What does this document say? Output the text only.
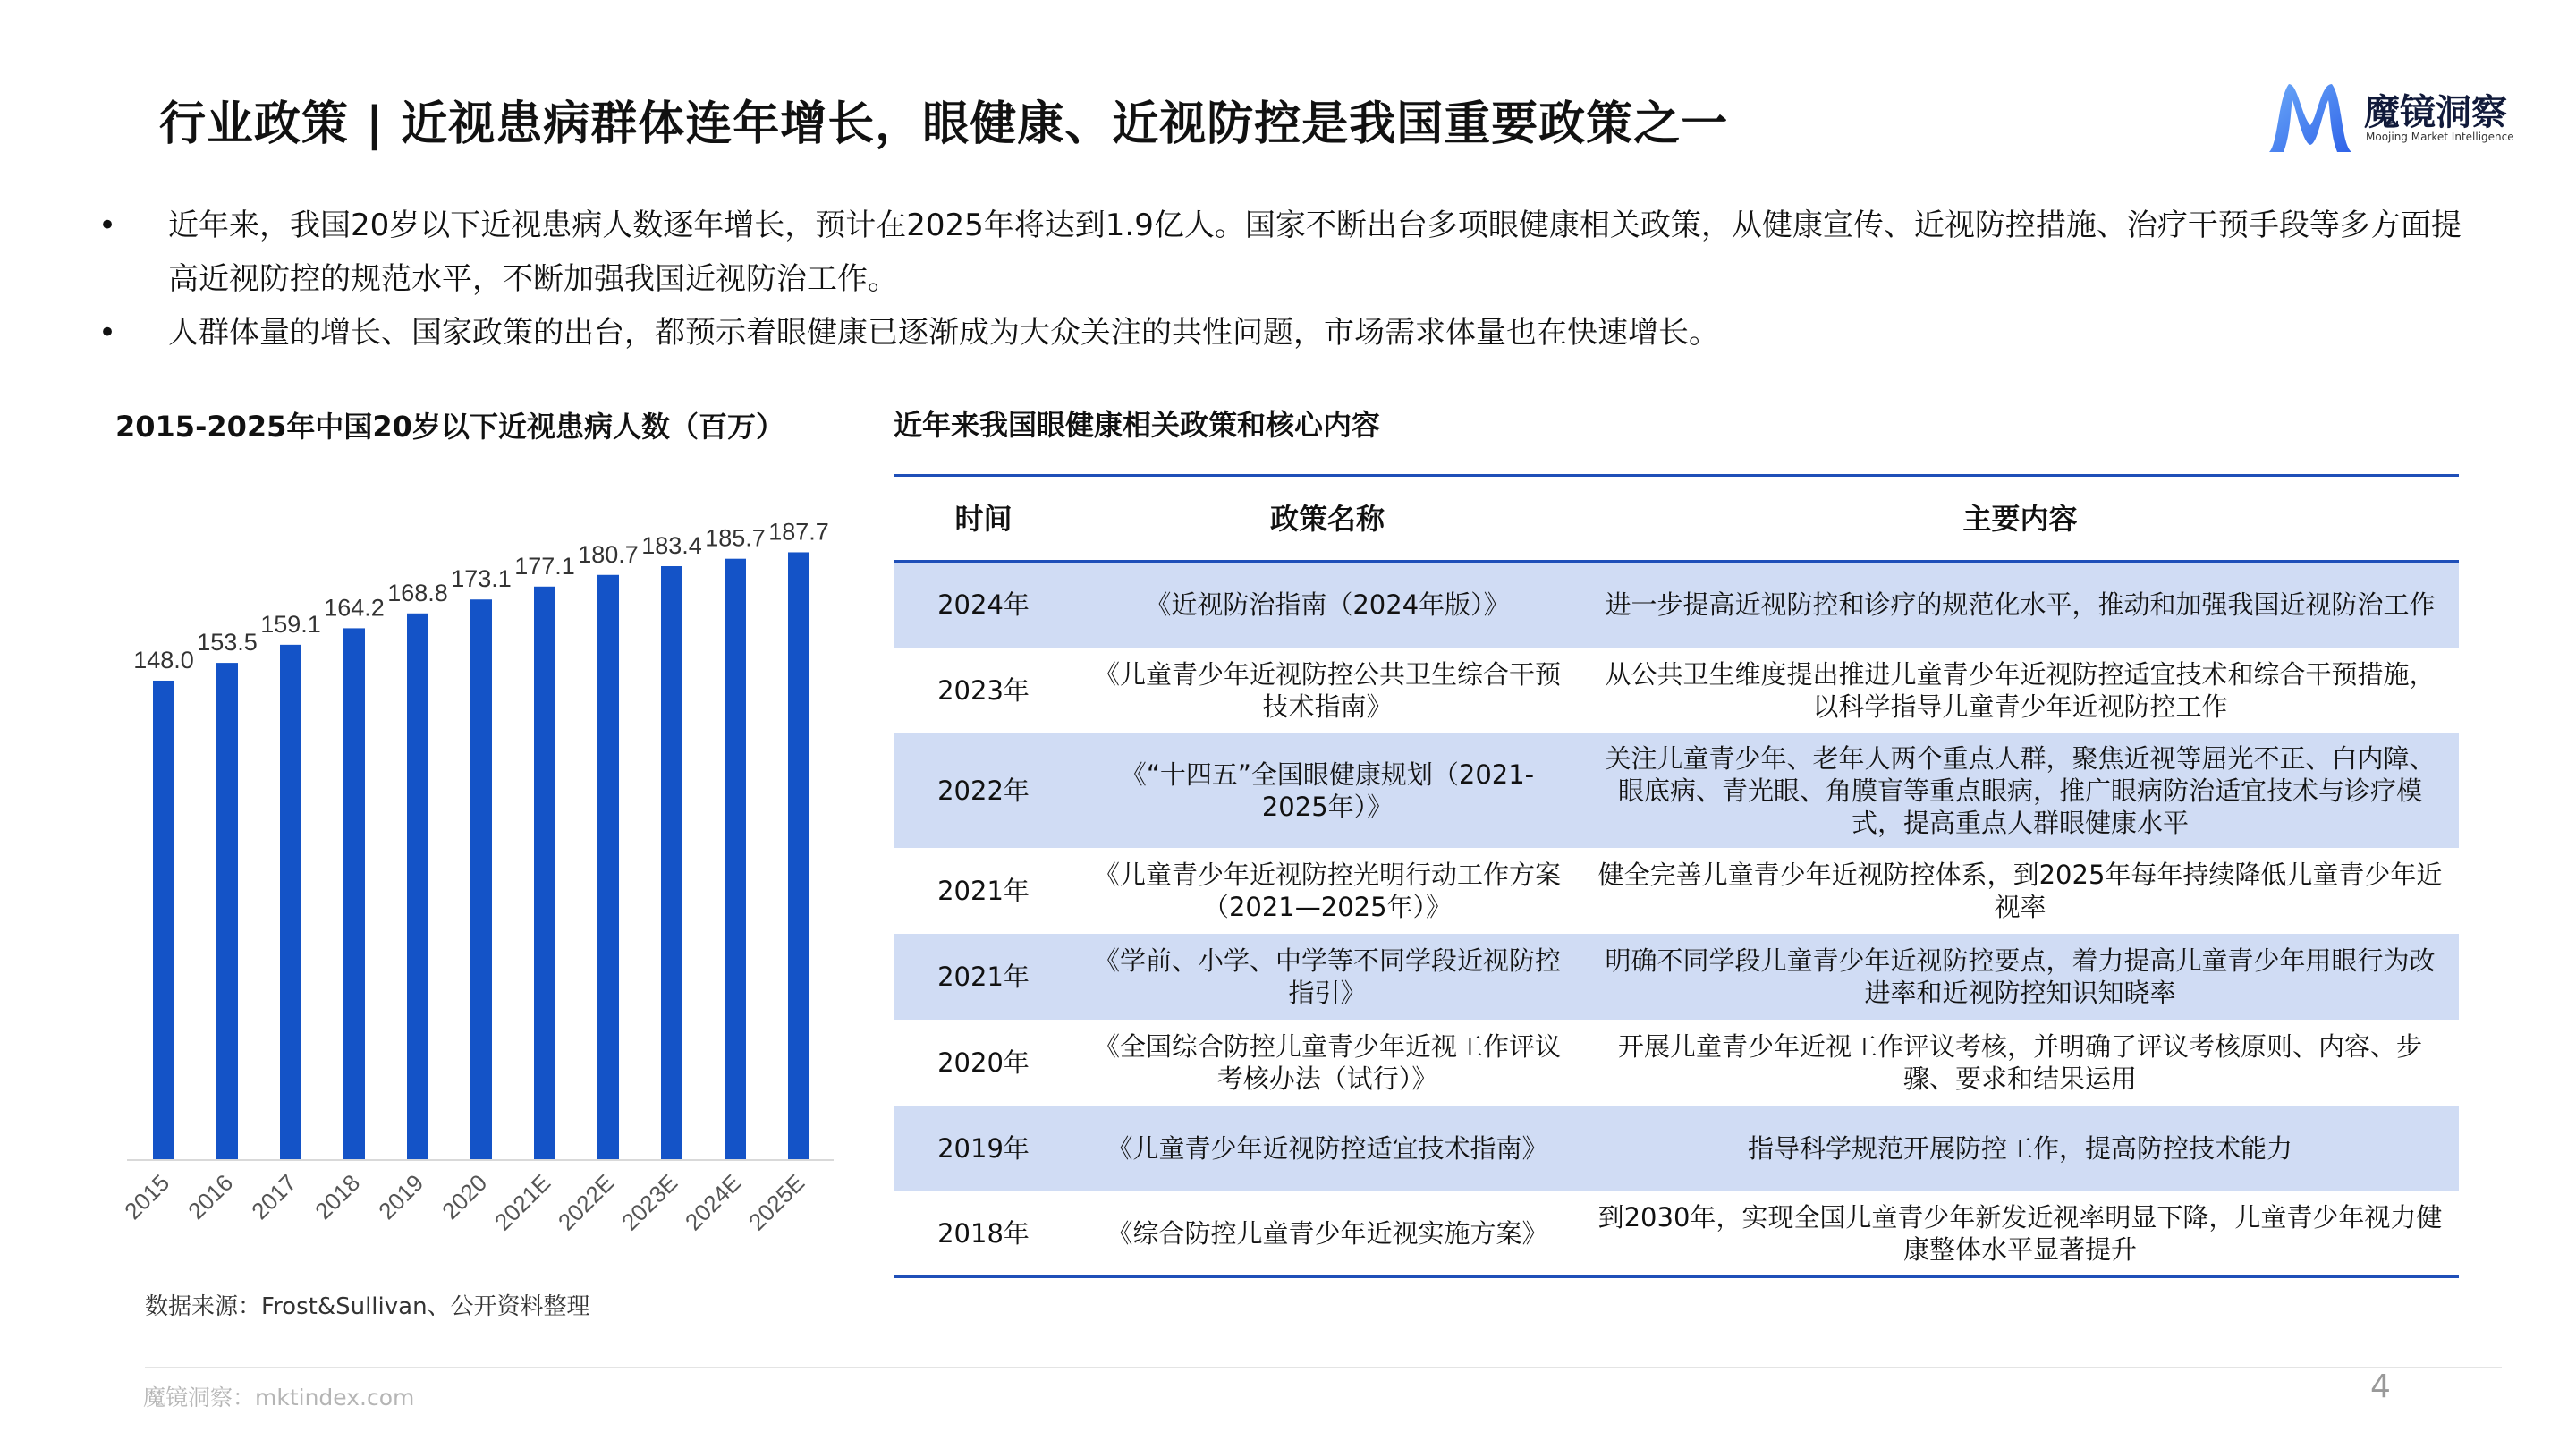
行业政策 | 近视患病群体连年增长，眼健康、近视防控是我国重要政策之一	魔镜洞察
Moojing Market Intelligence
•	近年来，我国20岁以下近视患病人数逐年增长，预计在2025年将达到1.9亿人。国家不断出台多项眼健康相关政策，从健康宣传、近视防控措施、治疗干预手段等多方面提高近视防控的规范水平，不断加强我国近视防治工作。
•	人群体量的增长、国家政策的出台，都预示着眼健康已逐渐成为大众关注的共性问题，市场需求体量也在快速增长。
2015-2025年中国20岁以下近视患病人数（百万）
148.0
2015
153.5
2016
159.1
2017
164.2
2018
168.8
2019
173.1
2020
177.1
2021E
180.7
2022E
183.4
2023E
185.7
2024E
187.7
2025E
近年来我国眼健康相关政策和核心内容
时间	政策名称	主要内容
2024年	《近视防治指南（2024年版）》	进一步提高近视防控和诊疗的规范化水平，推动和加强我国近视防治工作
2023年	《儿童青少年近视防控公共卫生综合干预技术指南》	从公共卫生维度提出推进儿童青少年近视防控适宜技术和综合干预措施，以科学指导儿童青少年近视防控工作
2022年	《“十四五”全国眼健康规划（2021-2025年）》	关注儿童青少年、老年人两个重点人群，聚焦近视等屈光不正、白内障、眼底病、青光眼、角膜盲等重点眼病，推广眼病防治适宜技术与诊疗模式，提高重点人群眼健康水平
2021年	《儿童青少年近视防控光明行动工作方案（2021—2025年）》	健全完善儿童青少年近视防控体系，到2025年每年持续降低儿童青少年近视率
2021年	《学前、小学、中学等不同学段近视防控指引》	明确不同学段儿童青少年近视防控要点，着力提高儿童青少年用眼行为改进率和近视防控知识知晓率
2020年	《全国综合防控儿童青少年近视工作评议考核办法（试行）》	开展儿童青少年近视工作评议考核，并明确了评议考核原则、内容、步骤、要求和结果运用
2019年	《儿童青少年近视防控适宜技术指南》	指导科学规范开展防控工作，提高防控技术能力
2018年	《综合防控儿童青少年近视实施方案》	到2030年，实现全国儿童青少年新发近视率明显下降，儿童青少年视力健康整体水平显著提升
数据来源：Frost&Sullivan、公开资料整理
魔镜洞察：mktindex.com	4
